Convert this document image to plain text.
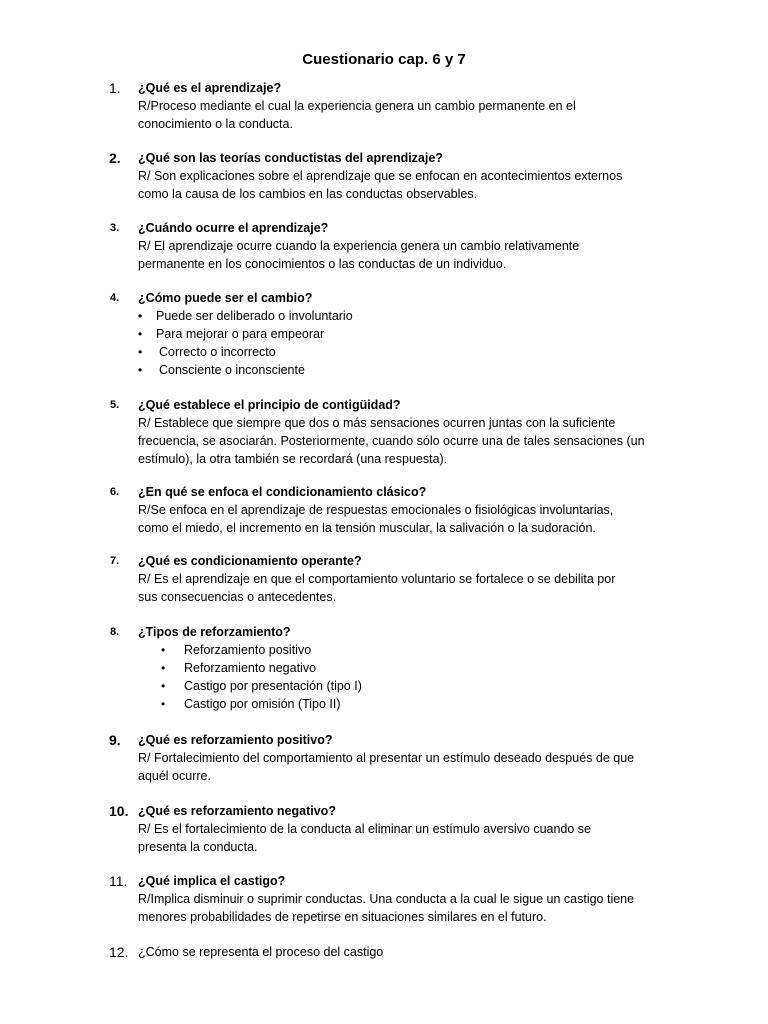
Cuestionario cap. 6 y 7
1. ¿Qué es el aprendizaje?
R/Proceso mediante el cual la experiencia genera un cambio permanente en el
conocimiento o la conducta.
2. ¿Qué son las teorías conductistas del aprendizaje?
R/ Son explicaciones sobre el aprendizaje que se enfocan en acontecimientos externos
como la causa de los cambios en las conductas observables.
3. ¿Cuándo ocurre el aprendizaje?
R/ El aprendizaje ocurre cuando la experiencia genera un cambio relativamente
permanente en los conocimientos o las conductas de un individuo.
4. ¿Cómo puede ser el cambio?
• Puede ser deliberado o involuntario
• Para mejorar o para empeorar
• Correcto o incorrecto
• Consciente o inconsciente
5. ¿Qué establece el principio de contigüidad?
R/ Establece que siempre que dos o más sensaciones ocurren juntas con la suficiente
frecuencia, se asociarán. Posteriormente, cuando sólo ocurre una de tales sensaciones (un
estímulo), la otra también se recordará (una respuesta).
6. ¿En qué se enfoca el condicionamiento clásico?
R/Se enfoca en el aprendizaje de respuestas emocionales o fisiológicas involuntarias,
como el miedo, el incremento en la tensión muscular, la salivación o la sudoración.
7. ¿Qué es condicionamiento operante?
R/ Es el aprendizaje en que el comportamiento voluntario se fortalece o se debilita por
sus consecuencias o antecedentes.
8. ¿Tipos de reforzamiento?
• Reforzamiento positivo
• Reforzamiento negativo
• Castigo por presentación (tipo I)
• Castigo por omisión (Tipo II)
9. ¿Qué es reforzamiento positivo?
R/ Fortalecimiento del comportamiento al presentar un estímulo deseado después de que
aquél ocurre.
10. ¿Qué es reforzamiento negativo?
R/ Es el fortalecimiento de la conducta al eliminar un estímulo aversivo cuando se
presenta la conducta.
11. ¿Qué implica el castigo?
R/Implica disminuir o suprimir conductas. Una conducta a la cual le sigue un castigo tiene
menores probabilidades de repetirse en situaciones similares en el futuro.
12. ¿Cómo se representa el proceso del castigo
